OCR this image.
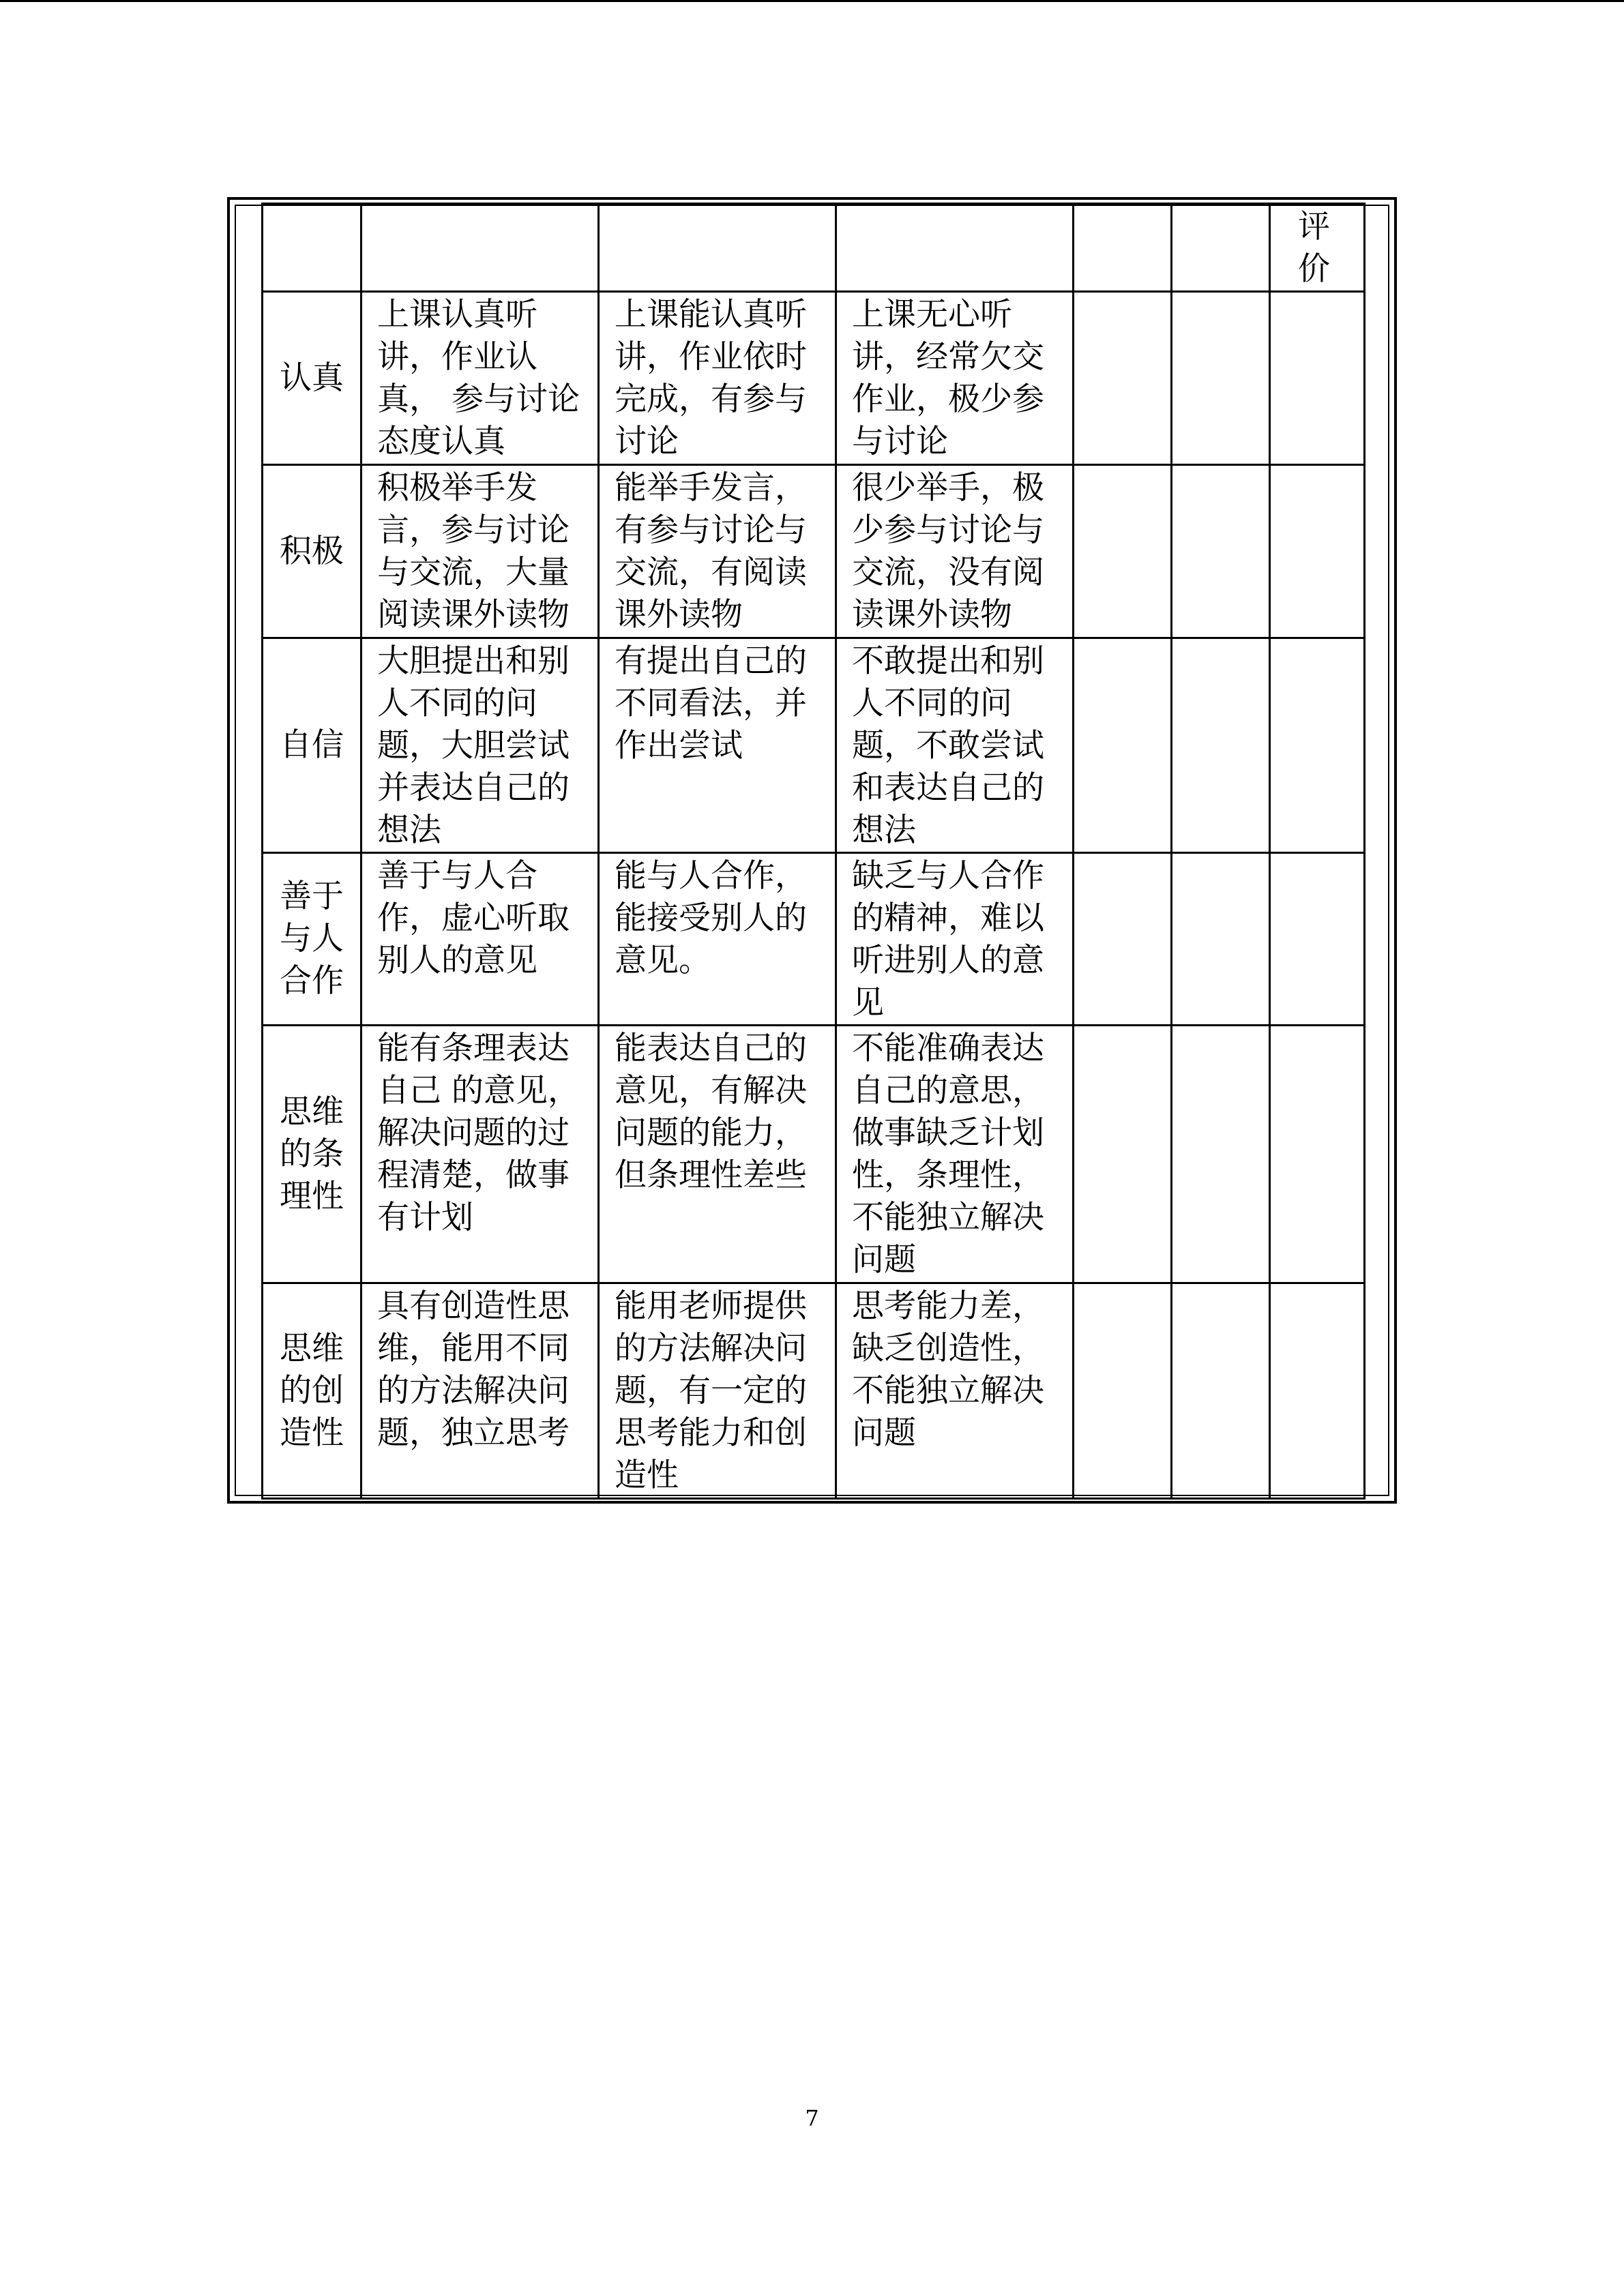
						评价
认真	上课认真听讲，作业认真， 参与讨论态度认真	上课能认真听讲，作业依时完成，有参与讨论	上课无心听讲，经常欠交作业，极少参与讨论			
积极	积极举手发言，参与讨论与交流，大量阅读课外读物	能举手发言，有参与讨论与交流，有阅读课外读物	很少举手，极少参与讨论与交流，没有阅读课外读物			
自信	大胆提出和别人不同的问题，大胆尝试并表达自己的想法	有提出自己的不同看法，并作出尝试	不敢提出和别人不同的问题，不敢尝试和表达自己的想法			
善于与人合作	善于与人合作，虚心听取别人的意见	能与人合作，能接受别人的意见。	缺乏与人合作的精神，难以听进别人的意见			
思维的条理性	能有条理表达自己 的意见，解决问题的过程清楚，做事有计划	能表达自己的意见，有解决问题的能力，但条理性差些	不能准确表达自己的意思，做事缺乏计划性，条理性，不能独立解决问题			
思维的创造性	具有创造性思维，能用不同的方法解决问题，独立思考	能用老师提供的方法解决问题，有一定的思考能力和创造性	思考能力差，缺乏创造性，不能独立解决问题			
7
